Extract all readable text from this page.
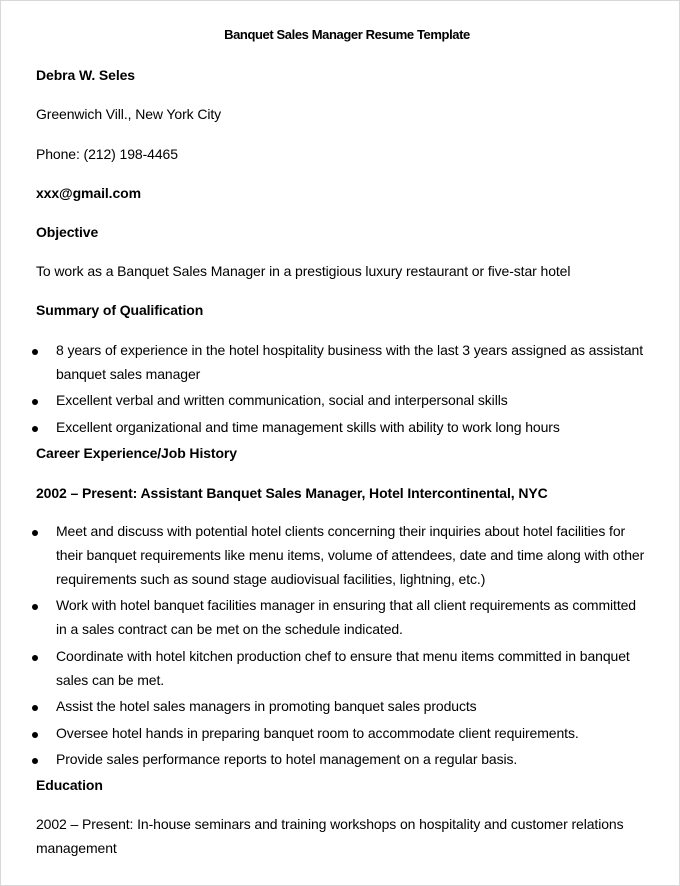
Banquet Sales Manager Resume Template
Debra W. Seles
Greenwich Vill., New York City
Phone: (212) 198-4465
xxx@gmail.com
Objective
To work as a Banquet Sales Manager in a prestigious luxury restaurant or five-star hotel
Summary of Qualification
8 years of experience in the hotel hospitality business with the last 3 years assigned as assistant
banquet sales manager
Excellent verbal and written communication, social and interpersonal skills
Excellent organizational and time management skills with ability to work long hours
Career Experience/Job History
2002 – Present: Assistant Banquet Sales Manager, Hotel Intercontinental, NYC
Meet and discuss with potential hotel clients concerning their inquiries about hotel facilities for
their banquet requirements like menu items, volume of attendees, date and time along with other
requirements such as sound stage audiovisual facilities, lightning, etc.)
Work with hotel banquet facilities manager in ensuring that all client requirements as committed
in a sales contract can be met on the schedule indicated.
Coordinate with hotel kitchen production chef to ensure that menu items committed in banquet
sales can be met.
Assist the hotel sales managers in promoting banquet sales products
Oversee hotel hands in preparing banquet room to accommodate client requirements.
Provide sales performance reports to hotel management on a regular basis.
Education
2002 – Present: In-house seminars and training workshops on hospitality and customer relations
management
